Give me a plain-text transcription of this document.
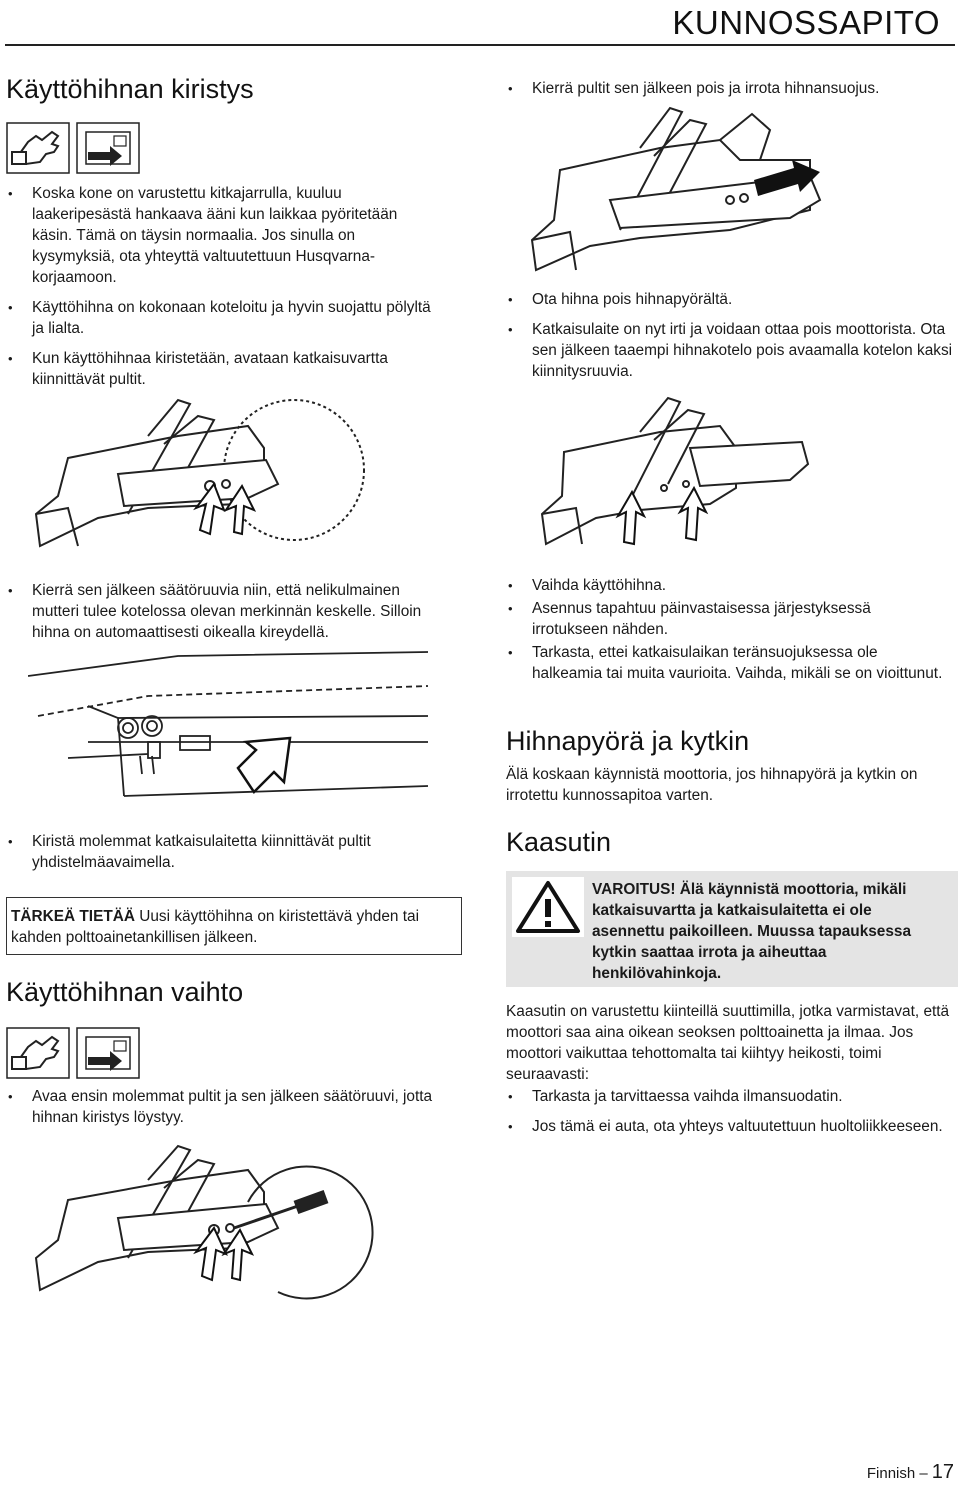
KUNNOSSAPITO
Käyttöhihnan kiristys
• Koska kone on varustettu kitkajarrulla, kuuluu laakeripesästä hankaava ääni kun laikkaa pyöritetään käsin. Tämä on täysin normaalia. Jos sinulla on kysymyksiä, ota yhteyttä valtuutettuun Husqvarna-korjaamoon.
• Käyttöhihna on kokonaan koteloitu ja hyvin suojattu pölyltä ja lialta.
• Kun käyttöhihnaa kiristetään, avataan katkaisuvartta kiinnittävät pultit.
• Kierrä sen jälkeen säätöruuvia niin, että nelikulmainen mutteri tulee kotelossa olevan merkinnän keskelle. Silloin hihna on automaattisesti oikealla kireydellä.
• Kiristä molemmat katkaisulaitetta kiinnittävät pultit yhdistelmäavaimella.
TÄRKEÄ TIETÄÄ Uusi käyttöhihna on kiristettävä yhden tai kahden polttoainetankillisen jälkeen.
Käyttöhihnan vaihto
• Avaa ensin molemmat pultit ja sen jälkeen säätöruuvi, jotta hihnan kiristys löystyy.
• Kierrä pultit sen jälkeen pois ja irrota hihnansuojus.
• Ota hihna pois hihnapyörältä.
• Katkaisulaite on nyt irti ja voidaan ottaa pois moottorista. Ota sen jälkeen taaempi hihnakotelo pois avaamalla kotelon kaksi kiinnitysruuvia.
• Vaihda käyttöhihna.
• Asennus tapahtuu päinvastaisessa järjestyksessä irrotukseen nähden.
• Tarkasta, ettei katkaisulaikan teränsuojuksessa ole halkeamia tai muita vaurioita. Vaihda, mikäli se on vioittunut.
Hihnapyörä ja kytkin

Älä koskaan käynnistä moottoria, jos hihnapyörä ja kytkin on irrotettu kunnossapitoa varten.

Kaasutin
VAROITUS! Älä käynnistä moottoria, mikäli katkaisuvartta ja katkaisulaitetta ei ole asennettu paikoilleen. Muussa tapauksessa kytkin saattaa irrota ja aiheuttaa henkilövahinkoja.

Kaasutin on varustettu kiinteillä suuttimilla, jotka varmistavat, että moottori saa aina oikean seoksen polttoainetta ja ilmaa. Jos moottori vaikuttaa tehottomalta tai kiihtyy heikosti, toimi seuraavasti:

• Tarkasta ja tarvittaessa vaihda ilmansuodatin.
• Jos tämä ei auta, ota yhteys valtuutettuun huoltoliikkeeseen.
Finnish – 17
